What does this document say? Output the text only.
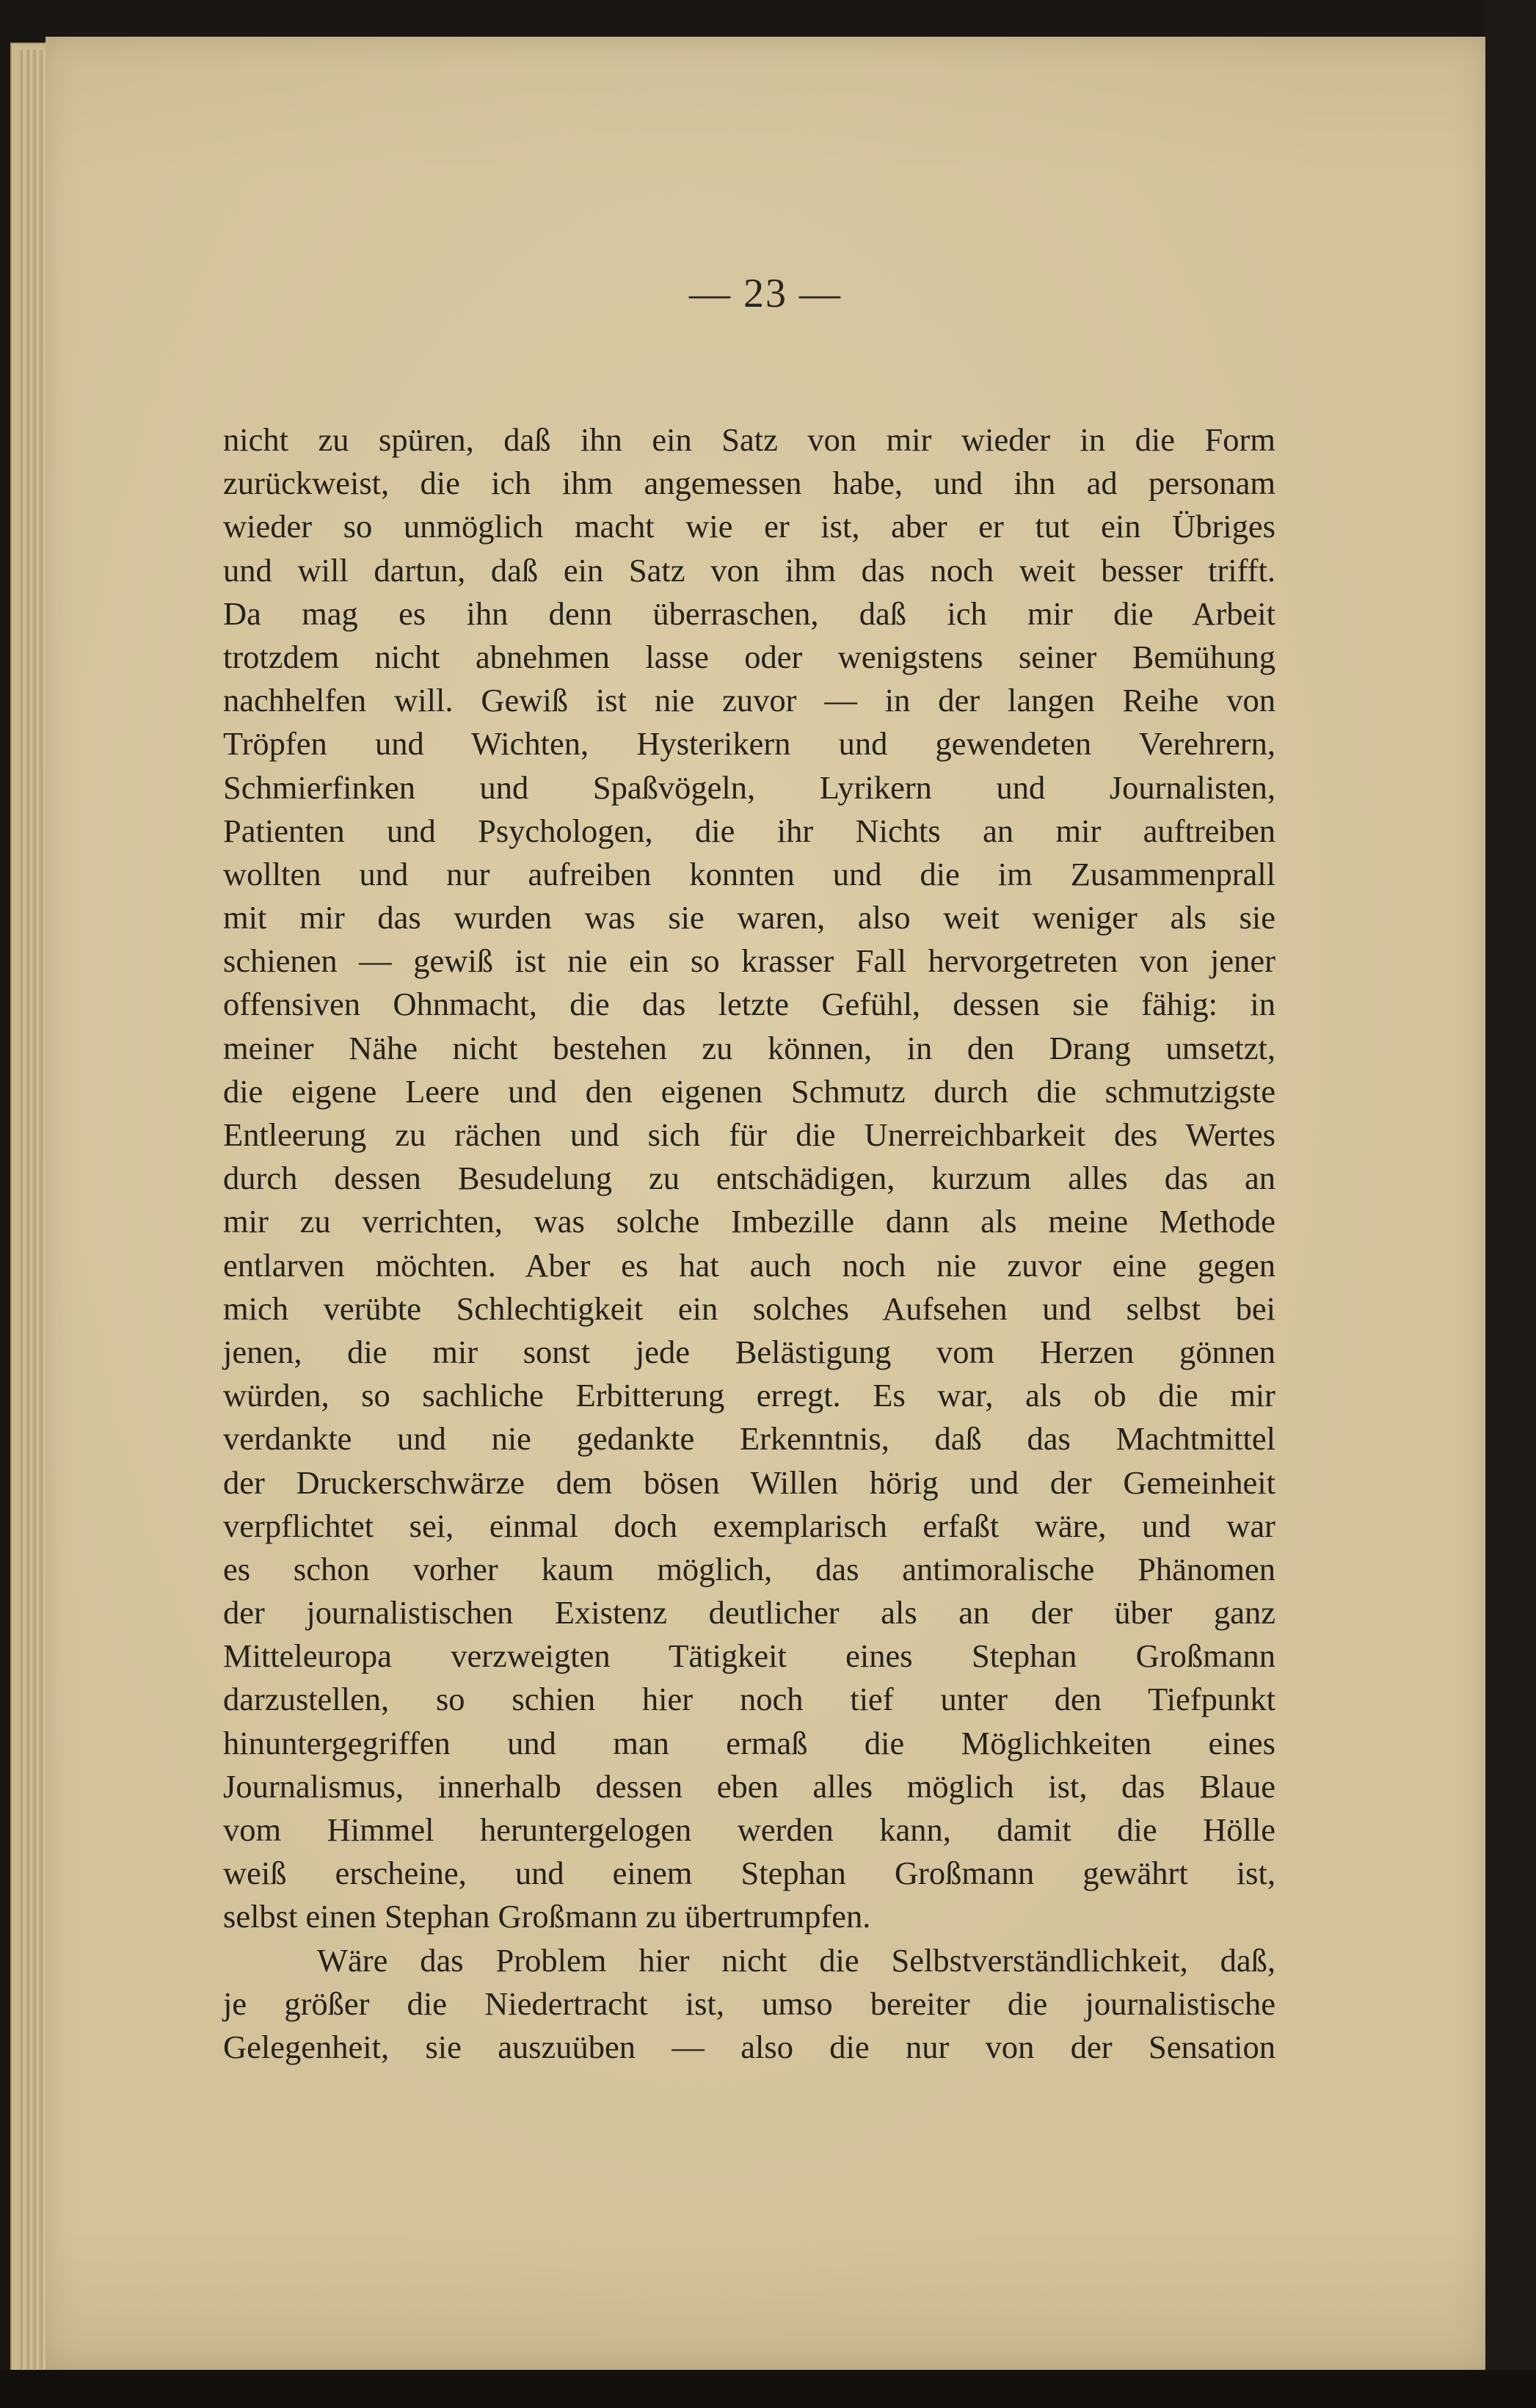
— 23 —
nicht zu spüren, daß ihn ein Satz von mir wieder in die Form
zurückweist, die ich ihm angemessen habe, und ihn ad personam
wieder so unmöglich macht wie er ist, aber er tut ein Übriges
und will dartun, daß ein Satz von ihm das noch weit besser trifft.
Da mag es ihn denn überraschen, daß ich mir die Arbeit
trotzdem nicht abnehmen lasse oder wenigstens seiner Bemühung
nachhelfen will. Gewiß ist nie zuvor — in der langen Reihe von
Tröpfen und Wichten, Hysterikern und gewendeten Verehrern,
Schmierfinken und Spaßvögeln, Lyrikern und Journalisten,
Patienten und Psychologen, die ihr Nichts an mir auftreiben
wollten und nur aufreiben konnten und die im Zusammenprall
mit mir das wurden was sie waren, also weit weniger als sie
schienen — gewiß ist nie ein so krasser Fall hervorgetreten von jener
offensiven Ohnmacht, die das letzte Gefühl, dessen sie fähig: in
meiner Nähe nicht bestehen zu können, in den Drang umsetzt,
die eigene Leere und den eigenen Schmutz durch die schmutzigste
Entleerung zu rächen und sich für die Unerreichbarkeit des Wertes
durch dessen Besudelung zu entschädigen, kurzum alles das an
mir zu verrichten, was solche Imbezille dann als meine Methode
entlarven möchten. Aber es hat auch noch nie zuvor eine gegen
mich verübte Schlechtigkeit ein solches Aufsehen und selbst bei
jenen, die mir sonst jede Belästigung vom Herzen gönnen
würden, so sachliche Erbitterung erregt. Es war, als ob die mir
verdankte und nie gedankte Erkenntnis, daß das Machtmittel
der Druckerschwärze dem bösen Willen hörig und der Gemeinheit
verpflichtet sei, einmal doch exemplarisch erfaßt wäre, und war
es schon vorher kaum möglich, das antimoralische Phänomen
der journalistischen Existenz deutlicher als an der über ganz
Mitteleuropa verzweigten Tätigkeit eines Stephan Großmann
darzustellen, so schien hier noch tief unter den Tiefpunkt
hinuntergegriffen und man ermaß die Möglichkeiten eines
Journalismus, innerhalb dessen eben alles möglich ist, das Blaue
vom Himmel heruntergelogen werden kann, damit die Hölle
weiß erscheine, und einem Stephan Großmann gewährt ist,
selbst einen Stephan Großmann zu übertrumpfen.
Wäre das Problem hier nicht die Selbstverständlichkeit, daß,
je größer die Niedertracht ist, umso bereiter die journalistische
Gelegenheit, sie auszuüben — also die nur von der Sensation
